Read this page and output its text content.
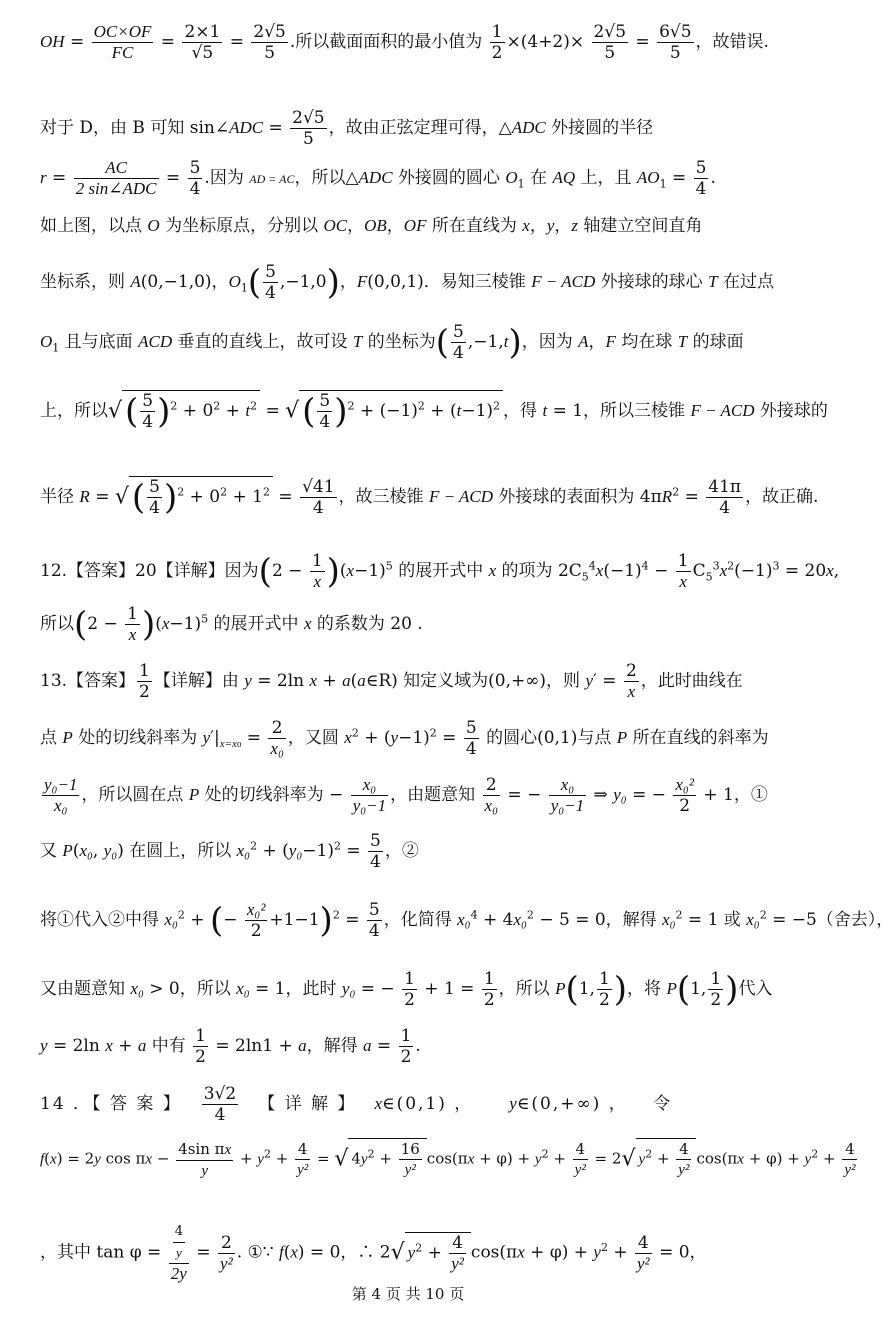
OH = $\frac{OC\times OF}{FC} = \frac{2\times 1}{√5} = \frac{2√5}{5}$ .所以截面面积的最小值为 $\frac{1}{2} \times(4+2)\times \frac{2√5}{5} = \frac{6√5}{5}$ ，故错误.
对于 D，由 B 可知 sin∠ADC = $\frac{2√5}{5}$ ，故由正弦定理可得，△ADC 外接圆的半径
$r = \frac{AC}{\text{2 sin∠ADC}} = \frac{5}{4}$ .因为 AD = AC，所以△ADC 外接圆的圆心 $O_1$ 在 AQ 上，且 $AO_1 = \frac{5}{4}$ .
如上图，以点 O 为坐标原点，分别以 OC，OB，OF 所在直线为 x，y，z 轴建立空间直角
坐标系，则 A(0,−1,0)，$O_1( \frac{5}{4} ,-1,0)$，F(0,0,1)．易知三棱锥 F − ACD 外接球的球心 T 在过点
$O_1$ 且与底面 ACD 垂直的直线上，故可设 T 的坐标为( $\frac{5}{4} ,-1,t$)，因为 A，F 均在球 T 的球面
上，所以√( $\frac{5}{4} )^2 + 0^2 + t^2$ = √( $\frac{5}{4} )^2 + (-1)^2 + (t-1)^2$ ，得 t = 1，所以三棱锥 F − ACD 外接球的
半径 R = √( $\frac{5}{4} )^2 + 0^2 + 1^2 = \frac{√41}{4}$ ，故三棱锥 F − ACD 外接球的表面积为 $4\pi R^2 = \frac{41\pi}{4}$ ，故正确.
12.【答案】20【详解】因为$(2 - \frac{1}{x} )(x-1)^5$ 的展开式中 x 的项为 $2C_5^4x(-1)^4 - \frac{1}{x} C_5^3x^2(-1)^3 = 20x$,
所以$(2 - \frac{1}{x} )(x-1)^5$ 的展开式中 x 的系数为 20 .
13.【答案】 $\frac{1}{2}$ 【详解】由 y = 2ln x + a(a∈R) 知定义域为(0,+∞)，则 $y' = \frac{2}{x}$ ，此时曲线在
点 P 处的切线斜率为 $y'|_{x=x_0} = \frac{2}{\text{x₀}}$ ，又圆 $x^2 + (y-1)^2 = \frac{5}{4}$ 的圆心(0,1)与点 P 所在直线的斜率为
$\frac{\text{y₀−1}}{\text{x₀}}$ ，所以圆在点 P 处的切线斜率为 − $\frac{\text{x₀}}{\text{y₀−1}}$ ，由题意知 $\frac{2}{\text{x₀}}$ = − $\frac{\text{x₀}}{\text{y₀−1}}$ ⇒ y₀ = − $\frac{\text{x₀²}}{2} + 1$，①
又 P(x₀, y₀) 在圆上，所以 $x_0^2 + (y_0-1)^2 = \frac{5}{4}$ ，②
将①代入②中得 x₀$^2$ + (− $\frac{\text{x₀²}}{2} +1-1)^2 = \frac{5}{4}$ ，化简得 x₀$^4$ + 4x₀$^2$ − 5 = 0，解得 x₀$^2$ = 1 或 x₀$^2$ = −5（舍去），
又由题意知 x₀ > 0，所以 x₀ = 1，此时 y₀ = − $\frac{1}{2} + 1 = \frac{1}{2}$ ，所以 P(1, $\frac{1}{2}$ )，将 P(1, $\frac{1}{2}$ )代入
y = 2ln x + a 中有 $\frac{1}{2} = 2\ln 1 + a$，解得 $a = \frac{1}{2}$ .
14 ．【 答 案 】 $\frac{3√2}{4}$ 【 详 解 】 x∈(0,1) ， y∈(0,+∞) ， 令
f(x) = 2y $\cos \pi x - \frac{\text{4sin πx}}{y} + y^2 + \frac{4}{\text{y²}}$ = √ $4y^2 + \frac{16}{\text{y²}} \cos(\pi x + \varphi) + y^2 + \frac{4}{\text{y²}} = 2√$ $y^2 + \frac{4}{\text{y²}} \cos(\pi x + \varphi) + y^2 + \frac{4}{\text{y²}}$
，其中 $\tan \varphi = \frac{\frac{4}{y}}{2y} = \frac{2}{\text{y²}}$ . ①∵ f(x) = 0，∴ 2√ $y^2 + \frac{4}{\text{y²}} \cos(\pi x + \varphi) + y^2 + \frac{4}{\text{y²}} = 0$，
第 4 页 共 10 页
